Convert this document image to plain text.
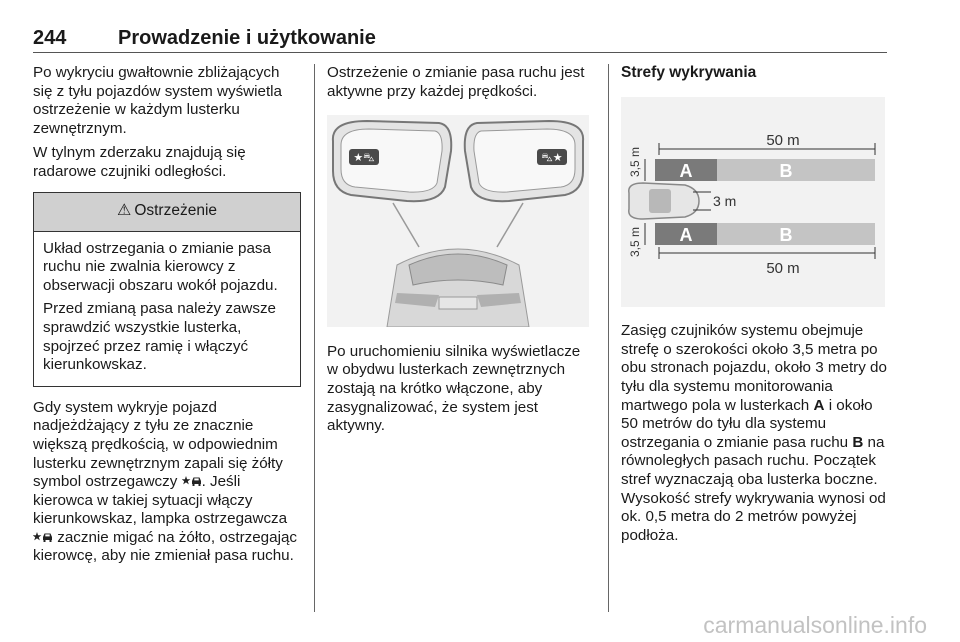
244	Prowadzenie i użytkowanie

Po wykryciu gwałtownie zbliżających się z tyłu pojazdów system wyświetla ostrzeżenie w każdym lusterku zewnętrznym.

W tylnym zderzaku znajdują się radarowe czujniki odległości.

⚠ Ostrzeżenie

Układ ostrzegania o zmianie pasa ruchu nie zwalnia kierowcy z obserwacji obszaru wokół pojazdu.

Przed zmianą pasa należy zawsze sprawdzić wszystkie lusterka, spojrzeć przez ramię i włączyć kierunkowskaz.

Gdy system wykryje pojazd nadjeżdżający z tyłu ze znacznie większą prędkością, w odpowiednim lusterku zewnętrznym zapali się żółty symbol ostrzegawczy . Jeśli kierowca w takiej sytuacji włączy kierunkowskaz, lampka ostrzegawcza  zacznie migać na żółto, ostrzegając kierowcę, aby nie zmieniał pasa ruchu.

Ostrzeżenie o zmianie pasa ruchu jest aktywne przy każdej prędkości.

★⛍	⛍★

Po uruchomieniu silnika wyświetlacze w obydwu lusterkach zewnętrznych zostają na krótko włączone, aby zasygnalizować, że system jest aktywny.

Strefy wykrywania

50 m
A	B
3,5 m
3 m
A	B
3,5 m
50 m

Zasięg czujników systemu obejmuje strefę o szerokości około 3,5 metra po obu stronach pojazdu, około 3 metry do tyłu dla systemu monitorowania martwego pola w lusterkach A i około 50 metrów do tyłu dla systemu ostrzegania o zmianie pasa ruchu B na równoległych pasach ruchu. Początek stref wyznaczają oba lusterka boczne. Wysokość strefy wykrywania wynosi od ok. 0,5 metra do 2 metrów powyżej podłoża.

carmanualsonline.info
